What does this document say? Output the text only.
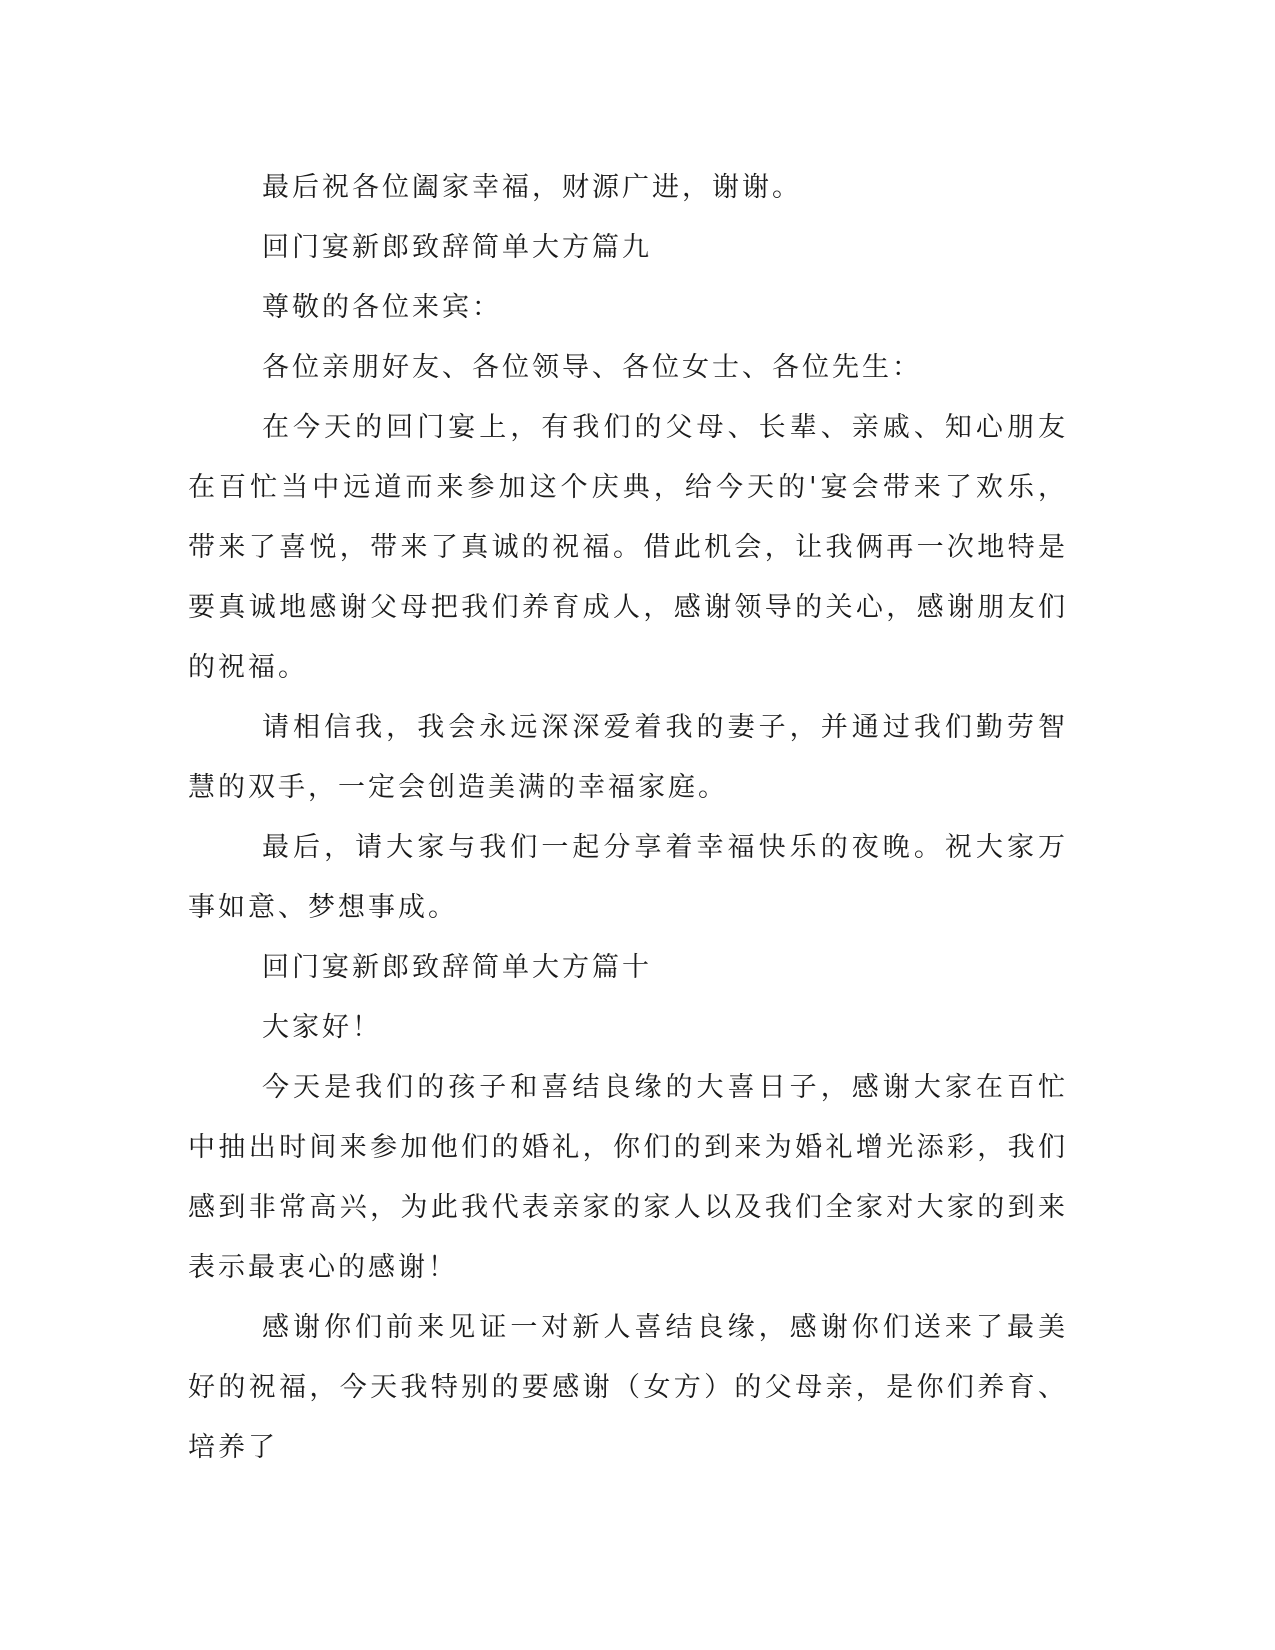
最后祝各位阖家幸福，财源广进，谢谢。

回门宴新郎致辞简单大方篇九

尊敬的各位来宾：

各位亲朋好友、各位领导、各位女士、各位先生：

在今天的回门宴上，有我们的父母、长辈、亲戚、知心朋友在百忙当中远道而来参加这个庆典，给今天的'宴会带来了欢乐，带来了喜悦，带来了真诚的祝福。借此机会，让我俩再一次地特是要真诚地感谢父母把我们养育成人，感谢领导的关心，感谢朋友们的祝福。

请相信我，我会永远深深爱着我的妻子，并通过我们勤劳智慧的双手，一定会创造美满的幸福家庭。

最后，请大家与我们一起分享着幸福快乐的夜晚。祝大家万事如意、梦想事成。

回门宴新郎致辞简单大方篇十

大家好！

今天是我们的孩子和喜结良缘的大喜日子，感谢大家在百忙中抽出时间来参加他们的婚礼，你们的到来为婚礼增光添彩，我们感到非常高兴，为此我代表亲家的家人以及我们全家对大家的到来表示最衷心的感谢！

感谢你们前来见证一对新人喜结良缘，感谢你们送来了最美好的祝福，今天我特别的要感谢（女方）的父母亲，是你们养育、培养了
